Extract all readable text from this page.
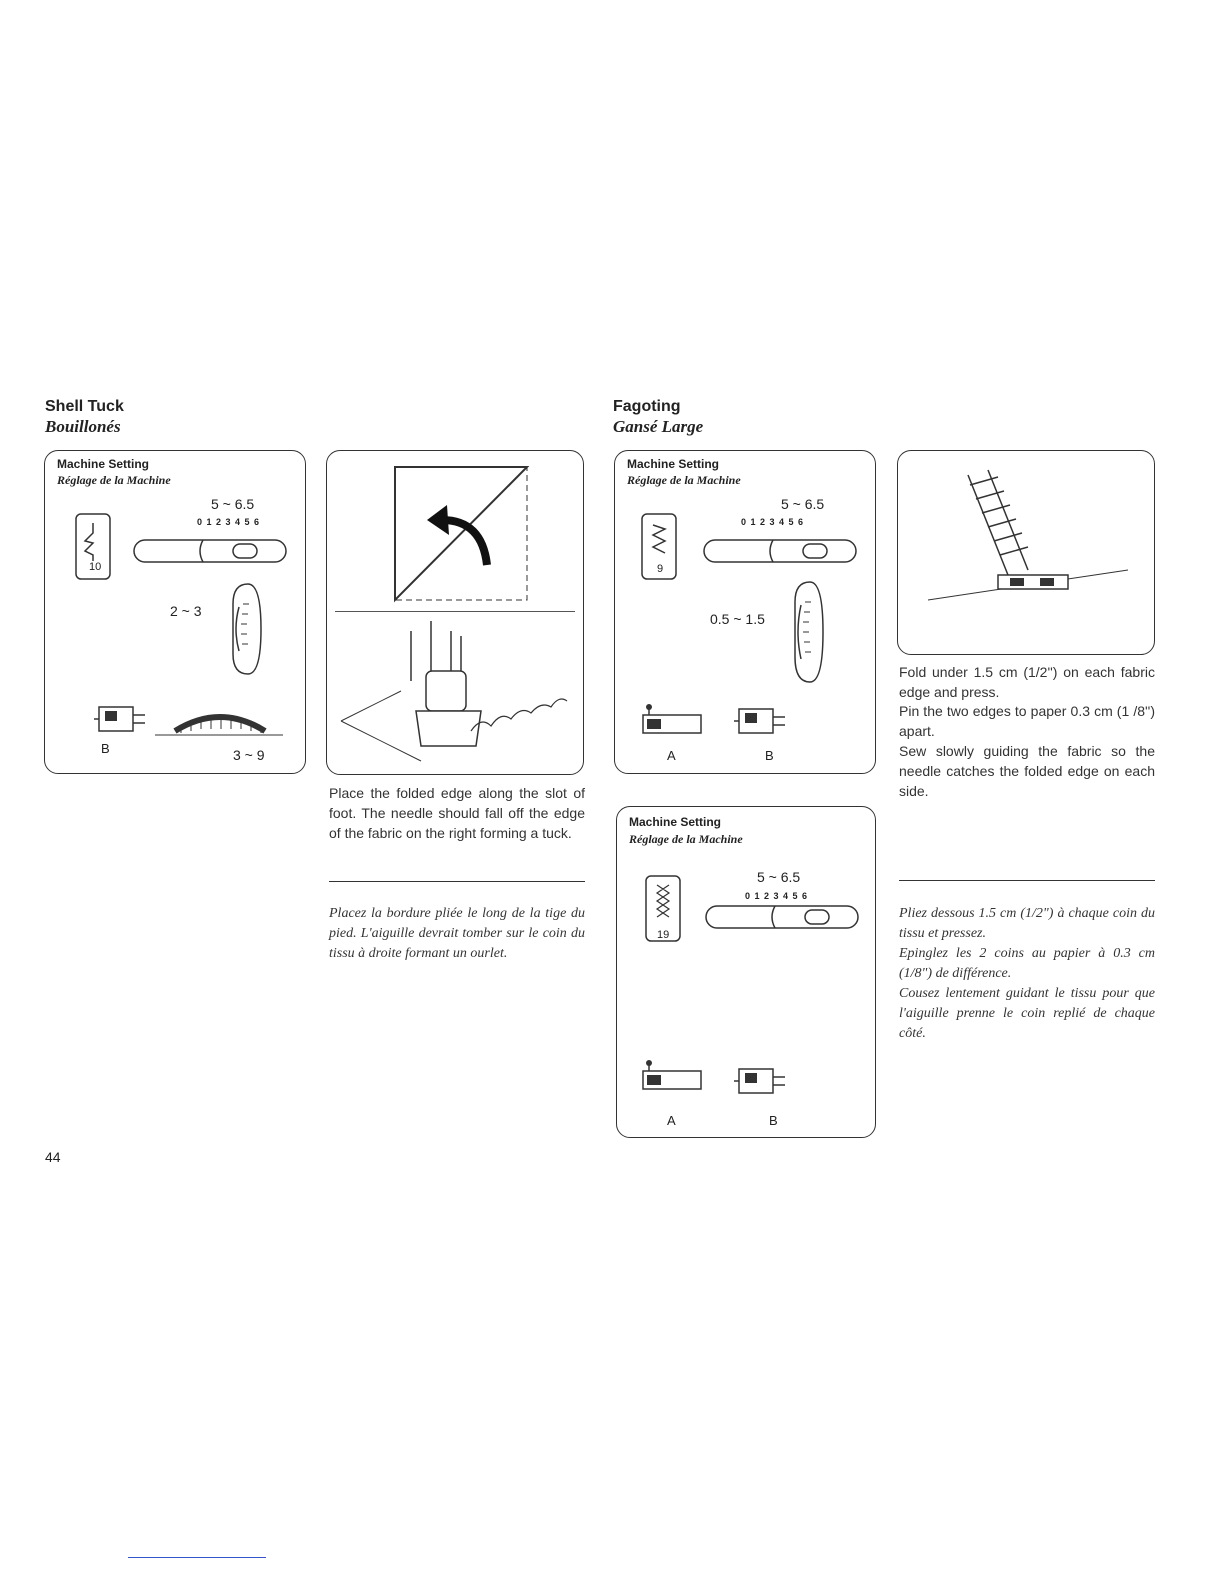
Shell Tuck
Bouillonés
Machine Setting
Réglage de la Machine
5 ~ 6.5
0 1 2 3 4 5 6
10
2 ~ 3
B	3 ~ 9
Place the folded edge along the slot of foot. The needle should fall off the edge of the fabric on the right forming a tuck.
Placez la bordure pliée le long de la tige du pied. L'aiguille devrait tomber sur le coin du tissu à droite formant un ourlet.
Fagoting
Gansé Large
Machine Setting
Réglage de la Machine
5 ~ 6.5
0 1 2 3 4 5 6
9
0.5 ~ 1.5
A	B
Fold under 1.5 cm (1/2'') on each fabric edge and press.
Pin the two edges to paper 0.3 cm (1 /8'') apart.
Sew slowly guiding the fabric so the needle catches the folded edge on each side.
Pliez dessous 1.5 cm (1/2") à chaque coin du tissu et pressez.
Epinglez les 2 coins au papier à 0.3 cm (1/8") de différence.
Cousez lentement guidant le tissu pour que l'aiguille prenne le coin replié de chaque côté.
Machine Setting
Réglage de la Machine
5 ~ 6.5
0 1 2 3 4 5 6
19
A	B
44
